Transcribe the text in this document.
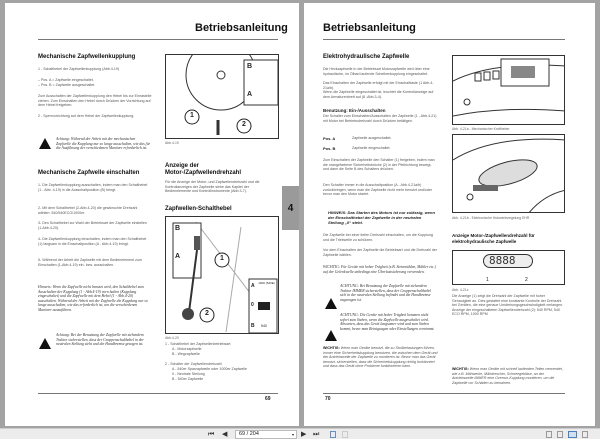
Betriebsanleitung
Mechanische Zapfwellenkupplung
1 - Schalthebel der Zapfwellenkupplung (Abb.4-19)
– Pos. A = Zapfwelle eingeschaltet.
– Pos. B = Zapfwelle ausgeschaltet.
Zum Ausschalten der Zapfwellenkupplung den Hebel bis zur Einrastelle ziehen. Zum Einschalten den Hebel durch Drücken der Vorrichtung auf dem Hebel freigeben.
2 - Sperrvorrichtung auf dem Hebel der Zapfwellenkupplung.
Achtung: Während der Arbeit mit der mechanischen Zapfwelle die Kupplung nur so lange ausschalten, wie das für die Ausführung der verschiedenen Manöver erforderlich ist.
B
A
1
2
Abb.4-19
Mechanische Zapfwelle einschalten
1- Die Zapfwellenkupplung ausschalten, indem man den Schalthebel (1 - Abb. 4-19) in die Ausschaltposition (B) bringt.
2- Mit dem Schalthebel (2-Abb.4-20) die gewünschte Drehzahl wählen: 540/540ECO/1000er.
3- Den Schalthebel zur Wahl der Betriebsart der Zapfwelle einstellen (1-Abb.4-20).
4- Die Zapfwellenkupplung einschalten, indem man den Schalthebel (1) langsam in die Einschaltposition (A - Abb.4-19) bringt.
5- Während der Arbeit die Zapfwelle mit dem Bedienelement zum Einschalten (1-Abb.4-19) ein- bzw. ausschalten.
Hinweis: Wenn die Zapfwelle nicht benutzt wird, den Schalthebel zum Ausschalten der Kupplung (1 - Abb.4-19) vorn halten (Kupplung eingeschaltet) und die Zapfwelle mit dem Hebel (1 - Abb.4-20) ausschalten. Während der Arbeit mit der Zapfwelle die Kupplung nur so lange ausschalten, wie das erforderlich ist, um die verschiedenen Manöver auszuführen.
Achtung: Bei der Benutzung der Zapfwelle mit stehendem Traktor sicherstellen, dass der Gruppenschalthebel in der neutralen Stellung steht und die Handbremse gezogen ist.
Anzeige der Motor-/Zapfwellendrehzahl
Für die Anzeige der Motor- und Zapfwellendrehzahl und die Kontrollanzeigen der Zapfwelle siehe das Kapitel der Bedienelemente und Kontrollinstrumente (Abb.3-7).
Zapfwellen-Schalthebel
B
A	1
2
A 1000 (540E)
0
B 540
Abb.4-20
1 - Schalthebel der Zapfwellenbetriebsart
A - Motorzapfwelle
B - Wegzapfwelle
2 - Schalter der Zapfwellendrehzahl
A - 540er Sparzapfwelle oder 1000er Zapfwelle
0 - Neutrale Stellung
B - 540er Zapfwelle
4
69
Betriebsanleitung
Elektrohydraulische Zapfwelle
Die Heckzapfwelle in der Betriebsart Motorzapfwelle wird über eine hydraulische, im Ölbad laufende Scheibenkupplung eingeschaltet.
Das Einschalten der Zapfwelle erfolgt mit der Einschalttaste (1 Abb.4-21a/b).
Wenn die Zapfwelle eingeschaltet ist, leuchtet die Kontrollanzeige auf dem Armaturenbrett auf (8 -Abb.3-4).
Benutzung: Ein-/Ausschalten
Der Schalter zum Einschalten/Ausschalten der Zapfwelle (1 - Abb.4-21) mit Motor bei Betriebsdrehzahl durch Drücken betätigen.
Pos. A	Zapfwelle ausgeschaltet.
Pos. B	Zapfwelle eingeschaltet.
Zum Einschalten der Zapfwelle den Schalter (1) freigeben, indem man die orangefarbene Sicherheitsbrücke (2) in der Pfeilrichtung bewegt, und dann die Seite B des Schalters drücken.
Den Schalter immer in die Ausschaltposition (A - Abb.4-21a/b) zurückbringen, wenn man die Zapfwelle nicht mehr benutzt und/oder bevor man den Motor startet.
HINWEIS: Das Starten des Motors ist nur zulässig, wenn der Einschalthebel der Zapfwelle in der neutralen Stellung „0“ steht.
Die Zapfwelle bei einer tiefen Drehzahl einschalten, um die Kupplung und die Triebwelle zu schützen.
Vor dem Einschalten der Zapfwelle die Betriebsart und die Drehzahl der Zapfwelle wählen.
WICHTIG: Für Geräte mit hoher Trägheit (z.B. Steinmühlen, Mähler etc.) auf der Gelenkwelle unbedingt eine Überlastsicherung verwenden.
ACHTUNG: Bei Benutzung der Zapfwelle mit stehendem Traktor IMMER sicherstellen, dass der Gruppenschalthebel sich in der neutralen Stellung befindet und die Handbremse angezogen ist.
ACHTUNG: Die Geräte mit hoher Trägheit kommen nicht sofort zum Stehen, wenn die Zapfwelle ausgeschaltet wird. Abwarten, dass das Gerät langsamer wird und zum Stehen kommt, bevor man Reinigungen oder Einstellungen vornimmt.
WICHTIG: Wenn man Geräte benutzt, die zu Stoßbelastungen führen, immer eine Sicherheitskupplung benutzen, die zwischen dem Gerät und der Antriebswelle der Zapfwelle zu montieren ist. Bevor man das Gerät benutzt, sicherstellen, dass die Sicherheitskupplung richtig funktioniert und dass das Gerät ohne Probleme funktionieren kann.
70
Abb. 4-21a - Mechanischer Kraftheber
Abb. 4-21b - Elektronische Hubwerksregelung EHR
Anzeige Motor-/Zapfwellendrehzahl für elektrohydraulische Zapfwelle
8888
1	2
Abb. 4-21c
Die Anzeige (1) zeigt die Drehzahl der Zapfwelle mit hoher Genauigkeit an. Dies gestattet eine konstante Kontrolle der Drehzahl bei Geräten, die eine genaue Umdrehungsgeschwindigkeit verlangen. Anzeige der eingeschalteten Zapfwellendrehzahl (2): 540 RPM, 540 ECO RPM, 1000 RPM
WICHTIG: Wenn man Geräte mit schnell laufenden Teilen verwendet, wie z.B. Mähwerke, Mähdrescher, Schneegebläse, an der Antriebswelle IMMER eine Overrun-Kupplung montieren, um die Zapfwelle vor Schäden zu bewahren.
⏮ ◀	69 / 204	▾ ▶ ⏭
